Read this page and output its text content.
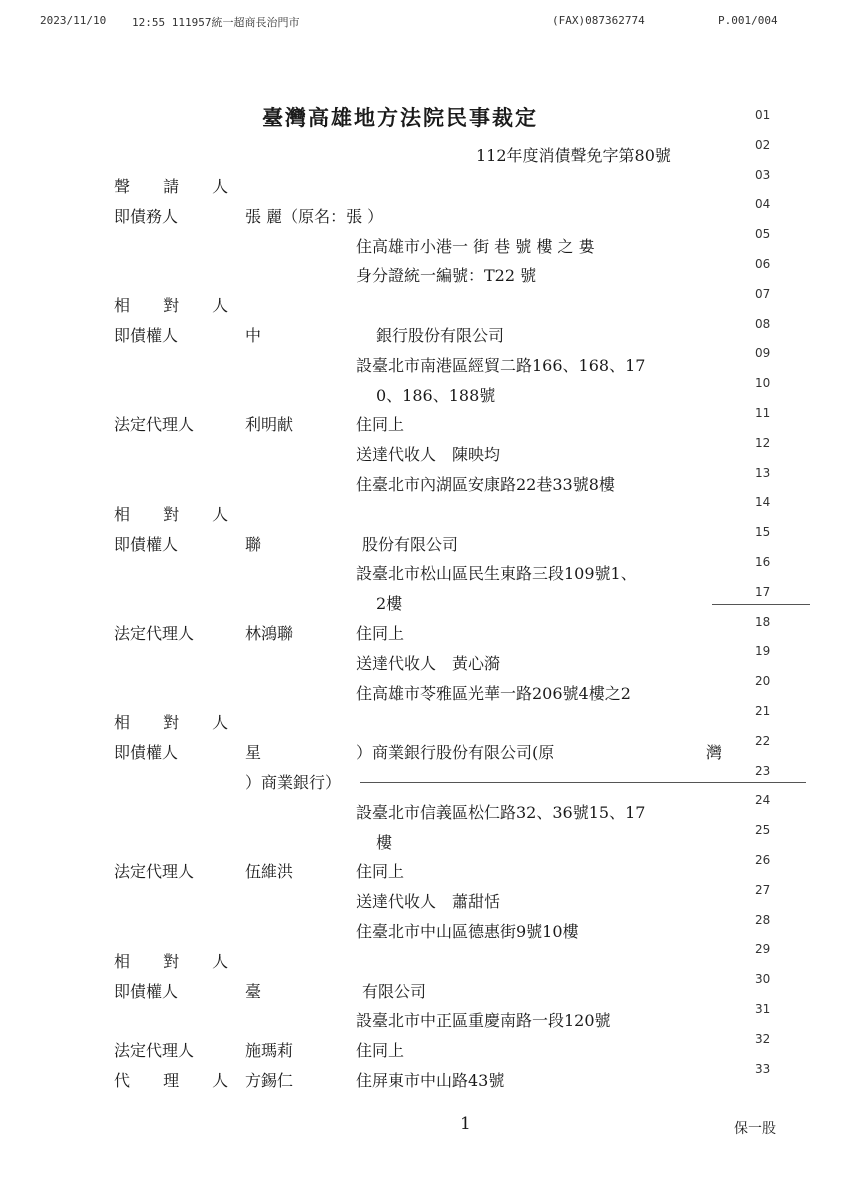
2023/11/10 12:55 111957統一超商長治門市	(FAX)087362774	P.001/004
臺灣高雄地方法院民事裁定
112年度消債聲免字第80號
01
02
03
04
05
06
07
08
09
10
11
12
13
14
15
16
17
18
19
20
21
22
23
24
25
26
27
28
29
30
31
32
33
聲 請 人
即債務人	張 麗（原名：張 ）
住高雄市小港一 街 巷 號 樓 之 婁
身分證統一編號：T22 號
相 對 人
即債權人	中	銀行股份有限公司
設臺北市南港區經貿二路166、168、17
0、186、188號
法定代理人	利明献	住同上
送達代收人　陳映均
住臺北市內湖區安康路22巷33號8樓
相 對 人
即債權人	聯	股份有限公司
設臺北市松山區民生東路三段109號1、
2樓
法定代理人	林鴻聯	住同上
送達代收人　黃心漪
住高雄市苓雅區光華一路206號4樓之2
相 對 人
即債權人	星	）商業銀行股份有限公司(原	灣
）商業銀行）
設臺北市信義區松仁路32、36號15、17
樓
法定代理人	伍維洪	住同上
送達代收人　蕭甜恬
住臺北市中山區德惠街9號10樓
相 對 人
即債權人	臺	有限公司
設臺北市中正區重慶南路一段120號
法定代理人	施瑪莉	住同上
代 理 人 方錫仁	住屏東市中山路43號
1	保一股
